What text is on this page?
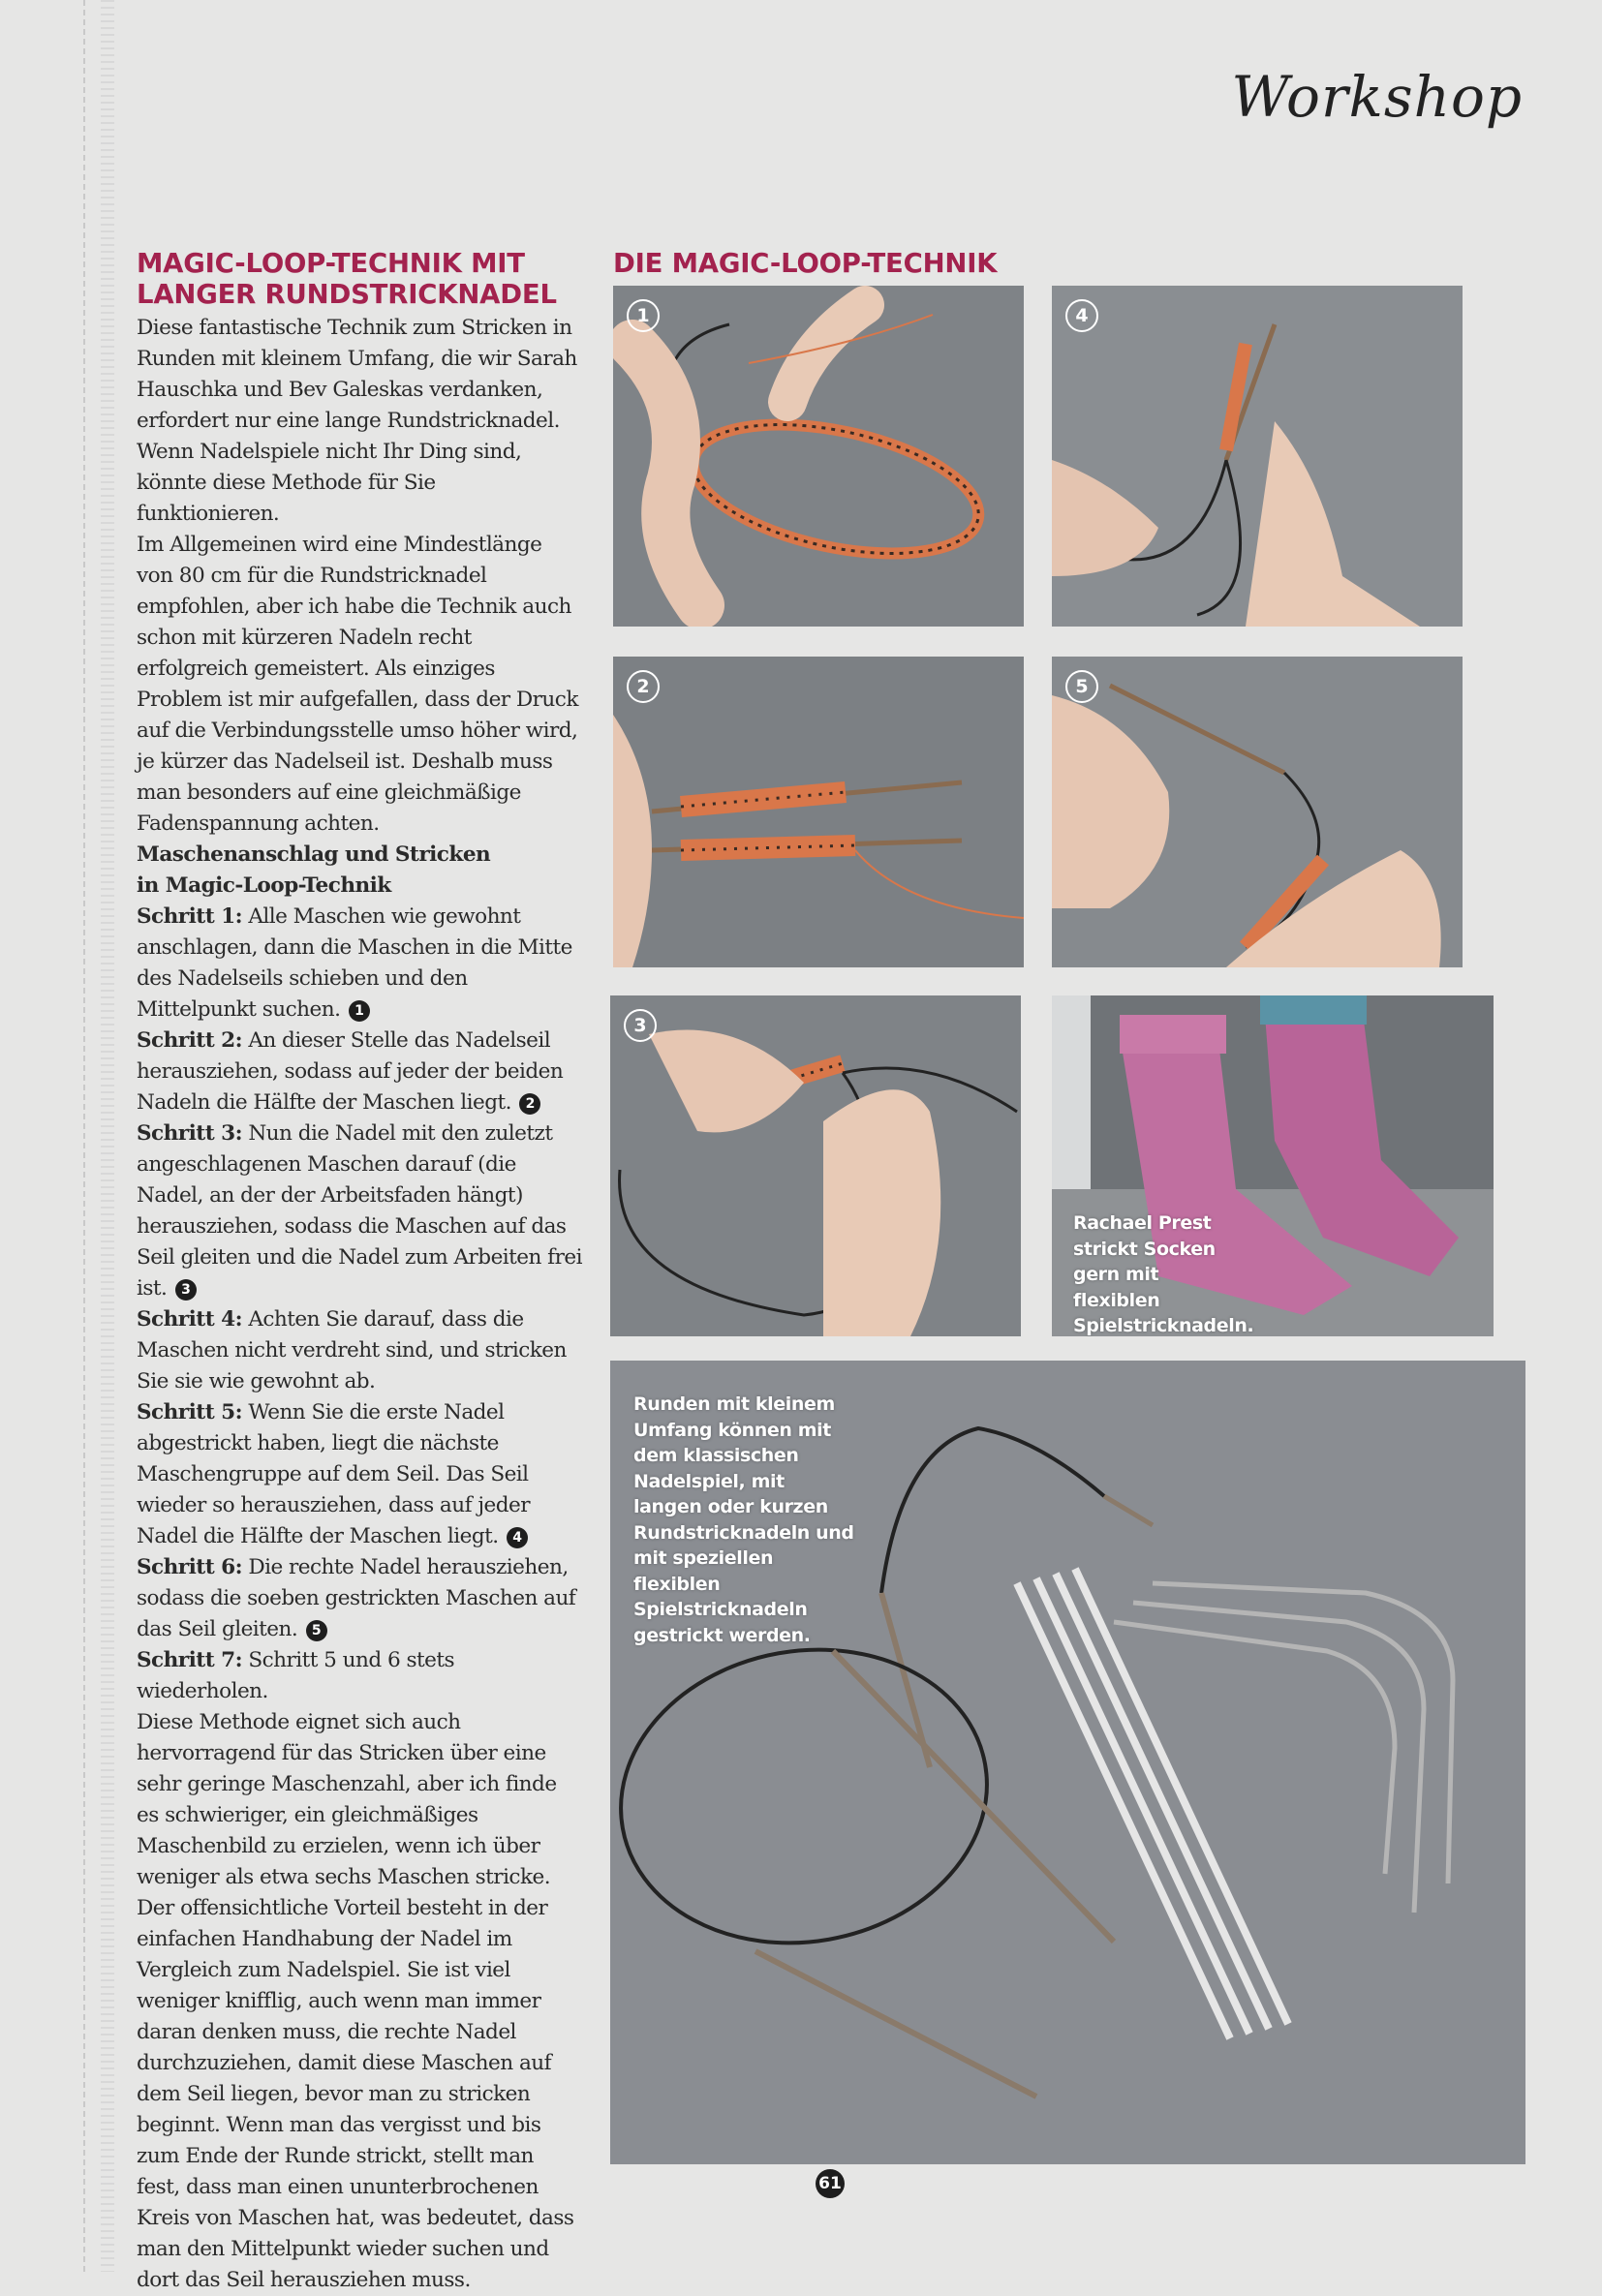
Workshop
MAGIC-LOOP-TECHNIK MIT
LANGER RUNDSTRICKNADEL

Diese fantastische Technik zum Stricken in Runden mit kleinem Umfang, die wir Sarah Hauschka und Bev Galeskas verdanken, erfordert nur eine lange Rundstricknadel. Wenn Nadelspiele nicht Ihr Ding sind, könnte diese Methode für Sie funktionieren.

Im Allgemeinen wird eine Mindestlänge von 80 cm für die Rundstricknadel empfohlen, aber ich habe die Technik auch schon mit kürzeren Nadeln recht erfolgreich gemeistert. Als einziges Problem ist mir aufgefallen, dass der Druck auf die Verbindungsstelle umso höher wird, je kürzer das Nadelseil ist. Deshalb muss man besonders auf eine gleichmäßige Fadenspannung achten.

Maschenanschlag und Stricken
in Magic-Loop-Technik

Schritt 1: Alle Maschen wie gewohnt anschlagen, dann die Maschen in die Mitte des Nadelseils schieben und den Mittelpunkt suchen. 1

Schritt 2: An dieser Stelle das Nadelseil herausziehen, sodass auf jeder der beiden Nadeln die Hälfte der Maschen liegt. 2

Schritt 3: Nun die Nadel mit den zuletzt angeschlagenen Maschen darauf (die Nadel, an der der Arbeitsfaden hängt) herausziehen, sodass die Maschen auf das Seil gleiten und die Nadel zum Arbeiten frei ist. 3

Schritt 4: Achten Sie darauf, dass die Maschen nicht verdreht sind, und stricken Sie sie wie gewohnt ab.

Schritt 5: Wenn Sie die erste Nadel abgestrickt haben, liegt die nächste Maschengruppe auf dem Seil. Das Seil wieder so herausziehen, dass auf jeder Nadel die Hälfte der Maschen liegt. 4

Schritt 6: Die rechte Nadel herausziehen, sodass die soeben gestrickten Maschen auf das Seil gleiten. 5

Schritt 7: Schritt 5 und 6 stets wiederholen.

Diese Methode eignet sich auch hervorragend für das Stricken über eine sehr geringe Maschenzahl, aber ich finde es schwieriger, ein gleichmäßiges Maschenbild zu erzielen, wenn ich über weniger als etwa sechs Maschen stricke.

Der offensichtliche Vorteil besteht in der einfachen Handhabung der Nadel im Vergleich zum Nadelspiel. Sie ist viel weniger knifflig, auch wenn man immer daran denken muss, die rechte Nadel durchzuziehen, damit diese Maschen auf dem Seil liegen, bevor man zu stricken beginnt. Wenn man das vergisst und bis zum Ende der Runde strickt, stellt man fest, dass man einen ununterbrochenen Kreis von Maschen hat, was bedeutet, dass man den Mittelpunkt wieder suchen und dort das Seil herausziehen muss.

DIE MAGIC-LOOP-TECHNIK
1	4
2	5
3
Rachael Prest strickt Socken gern mit flexiblen Spielstricknadeln.
Runden mit kleinem Umfang können mit dem klassischen Nadelspiel, mit langen oder kurzen Rundstricknadeln und mit speziellen flexiblen Spielstricknadeln gestrickt werden.
61
